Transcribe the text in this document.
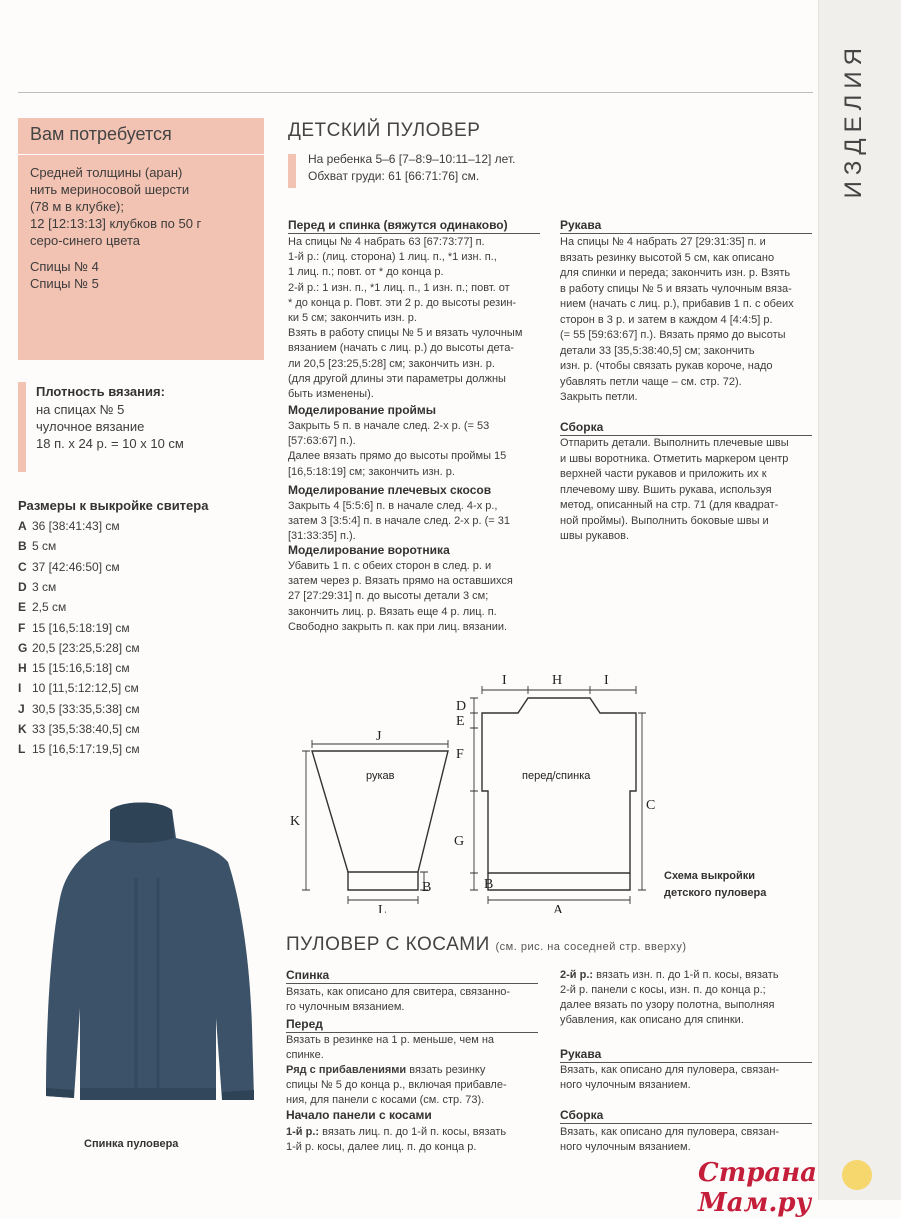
ИЗДЕЛИЯ
Вам потребуется
Средней толщины (аран)
нить мериносовой шерсти
(78 м в клубке);
12 [12:13:13] клубков по 50 г
серо-синего цвета
Спицы № 4
Спицы № 5
Плотность вязания:
на спицах № 5
чулочное вязание
18 п. x 24 р. = 10 x 10 см
Размеры к выкройке свитера
A 36 [38:41:43] см
B 5 см
C 37 [42:46:50] см
D 3 см
E 2,5 см
F 15 [16,5:18:19] см
G 20,5 [23:25,5:28] см
H 15 [15:16,5:18] см
I 10 [11,5:12:12,5] см
J 30,5 [33:35,5:38] см
K 33 [35,5:38:40,5] см
L 15 [16,5:17:19,5] см
Спинка пуловера
ДЕТСКИЙ ПУЛОВЕР
На ребенка 5–6 [7–8:9–10:11–12] лет.
Обхват груди: 61 [66:71:76] см.
Перед и спинка (вяжутся одинаково)
На спицы № 4 набрать 63 [67:73:77] п.
1-й р.: (лиц. сторона) 1 лиц. п., *1 изн. п.,
1 лиц. п.; повт. от * до конца р.
2-й р.: 1 изн. п., *1 лиц. п., 1 изн. п.; повт. от
* до конца р. Повт. эти 2 р. до высоты резин-
ки 5 см; закончить изн. р.
Взять в работу спицы № 5 и вязать чулочным
вязанием (начать с лиц. р.) до высоты дета-
ли 20,5 [23:25,5:28] см; закончить изн. р.
(для другой длины эти параметры должны
быть изменены).
Моделирование проймы
Закрыть 5 п. в начале след. 2-х р. (= 53
[57:63:67] п.).
Далее вязать прямо до высоты проймы 15
[16,5:18:19] см; закончить изн. р.
Моделирование плечевых скосов
Закрыть 4 [5:5:6] п. в начале след. 4-х р.,
затем 3 [3:5:4] п. в начале след. 2-х р. (= 31
[31:33:35] п.).
Моделирование воротника
Убавить 1 п. с обеих сторон в след. р. и
затем через р. Вязать прямо на оставшихся
27 [27:29:31] п. до высоты детали 3 см;
закончить лиц. р. Вязать еще 4 р. лиц. п.
Свободно закрыть п. как при лиц. вязании.
Рукава
На спицы № 4 набрать 27 [29:31:35] п. и
вязать резинку высотой 5 см, как описано
для спинки и переда; закончить изн. р. Взять
в работу спицы № 5 и вязать чулочным вяза-
нием (начать с лиц. р.), прибавив 1 п. с обеих
сторон в 3 р. и затем в каждом 4 [4:4:5] р.
(= 55 [59:63:67] п.). Вязать прямо до высоты
детали 33 [35,5:38:40,5] см; закончить
изн. р. (чтобы связать рукав короче, надо
убавлять петли чаще – см. стр. 72).
Закрыть петли.
Сборка
Отпарить детали. Выполнить плечевые швы
и швы воротника. Отметить маркером центр
верхней части рукавов и приложить их к
плечевому шву. Вшить рукава, используя
метод, описанный на стр. 71 (для квадрат-
ной проймы). Выполнить боковые швы и
швы рукавов.
J
K
L
B
I	H	I
D
E
F
G
B
C
A
рукав	перед/спинка
Схема выкройки
детского пуловера
ПУЛОВЕР С КОСАМИ (см. рис. на соседней стр. вверху)
Спинка
Вязать, как описано для свитера, связанно-
го чулочным вязанием.
Перед
Вязать в резинке на 1 р. меньше, чем на
спинке.
Ряд с прибавлениями вязать резинку
спицы № 5 до конца р., включая прибавле-
ния, для панели с косами (см. стр. 73).
Начало панели с косами
1-й р.: вязать лиц. п. до 1-й п. косы, вязать
1-й р. косы, далее лиц. п. до конца р.
2-й р.: вязать изн. п. до 1-й п. косы, вязать
2-й р. панели с косы, изн. п. до конца р.;
далее вязать по узору полотна, выполняя
убавления, как описано для спинки.
Рукава
Вязать, как описано для пуловера, связан-
ного чулочным вязанием.
Сборка
Вязать, как описано для пуловера, связан-
ного чулочным вязанием.
Страна Мам.ру
